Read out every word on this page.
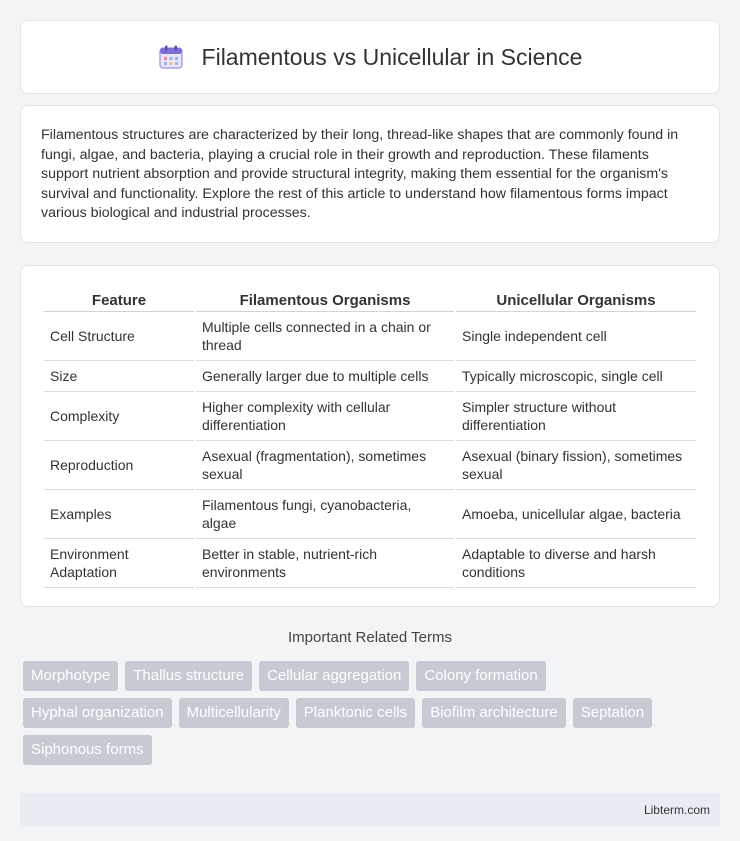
Filamentous vs Unicellular in Science

Filamentous structures are characterized by their long, thread-like shapes that are commonly found in fungi, algae, and bacteria, playing a crucial role in their growth and reproduction. These filaments support nutrient absorption and provide structural integrity, making them essential for the organism's survival and functionality. Explore the rest of this article to understand how filamentous forms impact various biological and industrial processes.

Feature	Filamentous Organisms	Unicellular Organisms
Cell Structure	Multiple cells connected in a chain or thread	Single independent cell
Size	Generally larger due to multiple cells	Typically microscopic, single cell
Complexity	Higher complexity with cellular differentiation	Simpler structure without differentiation
Reproduction	Asexual (fragmentation), sometimes sexual	Asexual (binary fission), sometimes sexual
Examples	Filamentous fungi, cyanobacteria, algae	Amoeba, unicellular algae, bacteria
Environment Adaptation	Better in stable, nutrient-rich environments	Adaptable to diverse and harsh conditions
Important Related Terms
Morphotype	Thallus structure	Cellular aggregation	Colony formation
Hyphal organization	Multicellularity	Planktonic cells	Biofilm architecture	Septation
Siphonous forms
Libterm.com
